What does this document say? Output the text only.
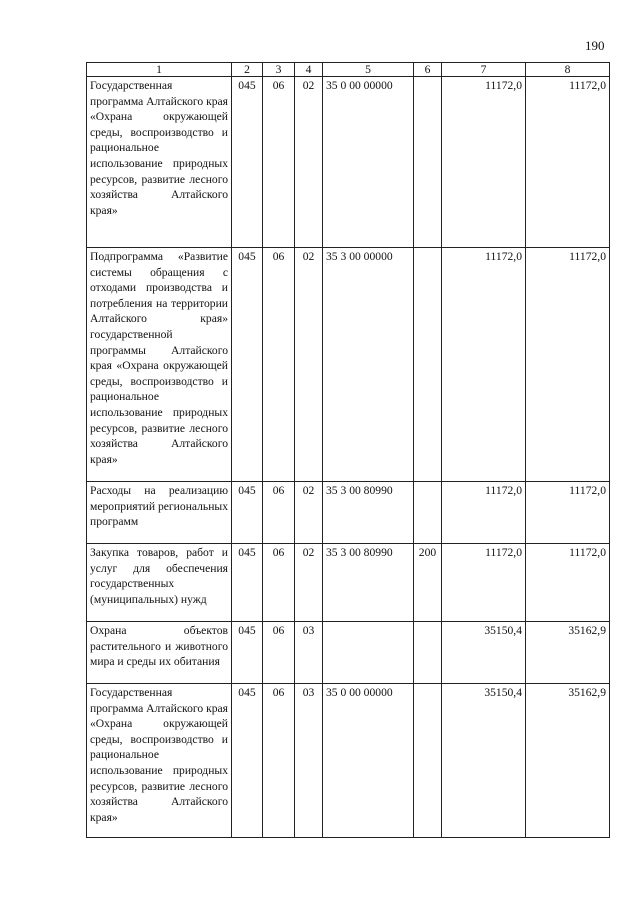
190
1	2	3	4	5	6	7	8
Государственная программа Алтайского края «Охрана окружающей среды, воспроизводство и рациональное использование природных ресурсов, развитие лесного хозяйства Алтайского края»	045	06	02	35 0 00 00000		11172,0	11172,0
Подпрограмма «Развитие системы обращения с отходами производства и потребления на территории Алтайского края» государственной программы Алтайского края «Охрана окружающей среды, воспроизводство и рациональное использование природных ресурсов, развитие лесного хозяйства Алтайского края»	045	06	02	35 3 00 00000		11172,0	11172,0
Расходы на реализацию мероприятий региональных программ	045	06	02	35 3 00 80990		11172,0	11172,0
Закупка товаров, работ и услуг для обеспечения государственных (муниципальных) нужд	045	06	02	35 3 00 80990	200	11172,0	11172,0
Охрана объектов растительного и животного мира и среды их обитания	045	06	03			35150,4	35162,9
Государственная программа Алтайского края «Охрана окружающей среды, воспроизводство и рациональное использование природных ресурсов, развитие лесного хозяйства Алтайского края»	045	06	03	35 0 00 00000		35150,4	35162,9
